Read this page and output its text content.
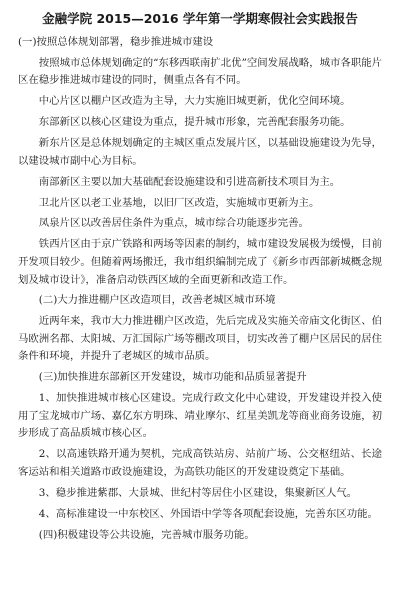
金融学院 2015—2016 学年第一学期寒假社会实践报告

(一)按照总体规划部署，稳步推进城市建设

按照城市总体规划确定的“东移西联南扩北优”空间发展战略，城市各职能片区在稳步推进城市建设的同时，侧重点各有不同。

中心片区以棚户区改造为主导，大力实施旧城更新，优化空间环境。

东部新区以核心区建设为重点，提升城市形象，完善配套服务功能。

新东片区是总体规划确定的主城区重点发展片区，以基础设施建设为先导，以建设城市副中心为目标。

南部新区主要以加大基础配套设施建设和引进高新技术项目为主。

卫北片区以老工业基地，以旧厂区改造，实施城市更新为主。

凤泉片区以改善居住条件为重点，城市综合功能逐步完善。

铁西片区由于京广铁路和两场等因素的制约，城市建设发展极为缓慢，目前开发项目较少。但随着两场搬迁，我市组织编制完成了《新乡市西部新城概念规划及城市设计》，准备启动铁西区域的全面更新和改造工作。

(二)大力推进棚户区改造项目，改善老城区城市环境

近两年来，我市大力推进棚户区改造，先后完成及实施关帝庙文化街区、伯马欧洲名都、太阳城、万汇国际广场等棚改项目，切实改善了棚户区居民的居住条件和环境，并提升了老城区的城市品质。

(三)加快推进东部新区开发建设，城市功能和品质显著提升

1、加快推进城市核心区建设。完成行政文化中心建设，开发建设并投入使用了宝龙城市广场、嘉亿东方明珠、靖业摩尔、红星美凯龙等商业商务设施，初步形成了高品质城市核心区。

2、以高速铁路开通为契机，完成高铁站房、站前广场、公交枢纽站、长途客运站和相关道路市政设施建设，为高铁功能区的开发建设奠定下基础。

3、稳步推进紫郡、大景城、世纪村等居住小区建设，集聚新区人气。

4、高标准建设一中东校区、外国语中学等各项配套设施，完善东区功能。

(四)积极建设等公共设施，完善城市服务功能。
